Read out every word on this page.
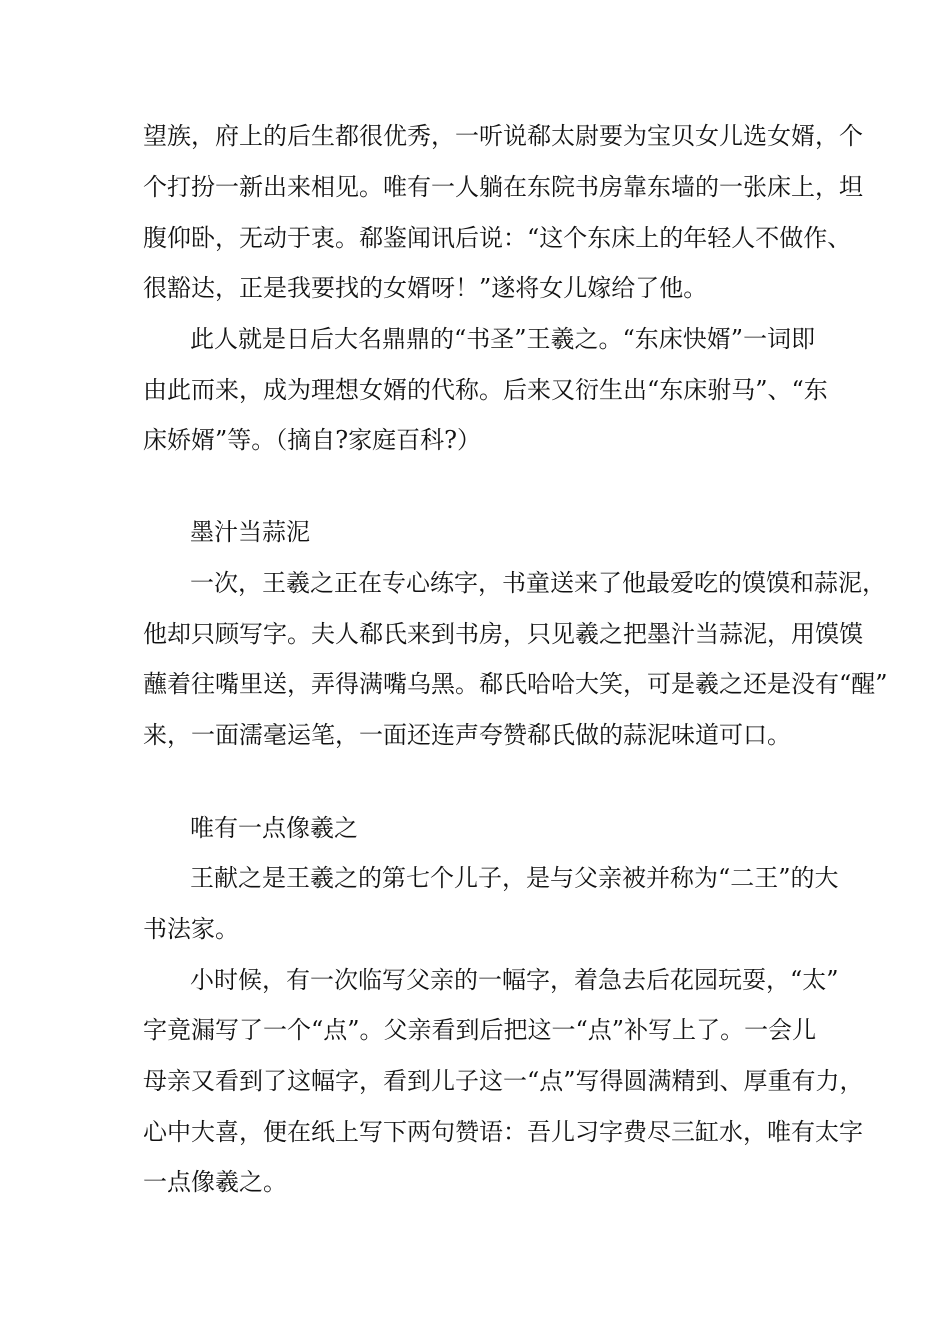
望族，府上的后生都很优秀，一听说郗太尉要为宝贝女儿选女婿，个
个打扮一新出来相见。唯有一人躺在东院书房靠东墙的一张床上，坦
腹仰卧，无动于衷。郗鉴闻讯后说：“这个东床上的年轻人不做作、
很豁达，正是我要找的女婿呀！”遂将女儿嫁给了他。
此人就是日后大名鼎鼎的“书圣”王羲之。“东床快婿”一词即
由此而来，成为理想女婿的代称。后来又衍生出“东床驸马”、“东
床娇婿”等。（摘自?家庭百科?）
墨汁当蒜泥
一次，王羲之正在专心练字，书童送来了他最爱吃的馍馍和蒜泥，
他却只顾写字。夫人郗氏来到书房，只见羲之把墨汁当蒜泥，用馍馍
蘸着往嘴里送，弄得满嘴乌黑。郗氏哈哈大笑，可是羲之还是没有“醒”
来，一面濡毫运笔，一面还连声夸赞郗氏做的蒜泥味道可口。
唯有一点像羲之
王献之是王羲之的第七个儿子，是与父亲被并称为“二王”的大
书法家。
小时候，有一次临写父亲的一幅字，着急去后花园玩耍，“太”
字竟漏写了一个“点”。父亲看到后把这一“点”补写上了。一会儿
母亲又看到了这幅字，看到儿子这一“点”写得圆满精到、厚重有力，
心中大喜，便在纸上写下两句赞语：吾儿习字费尽三缸水，唯有太字
一点像羲之。
